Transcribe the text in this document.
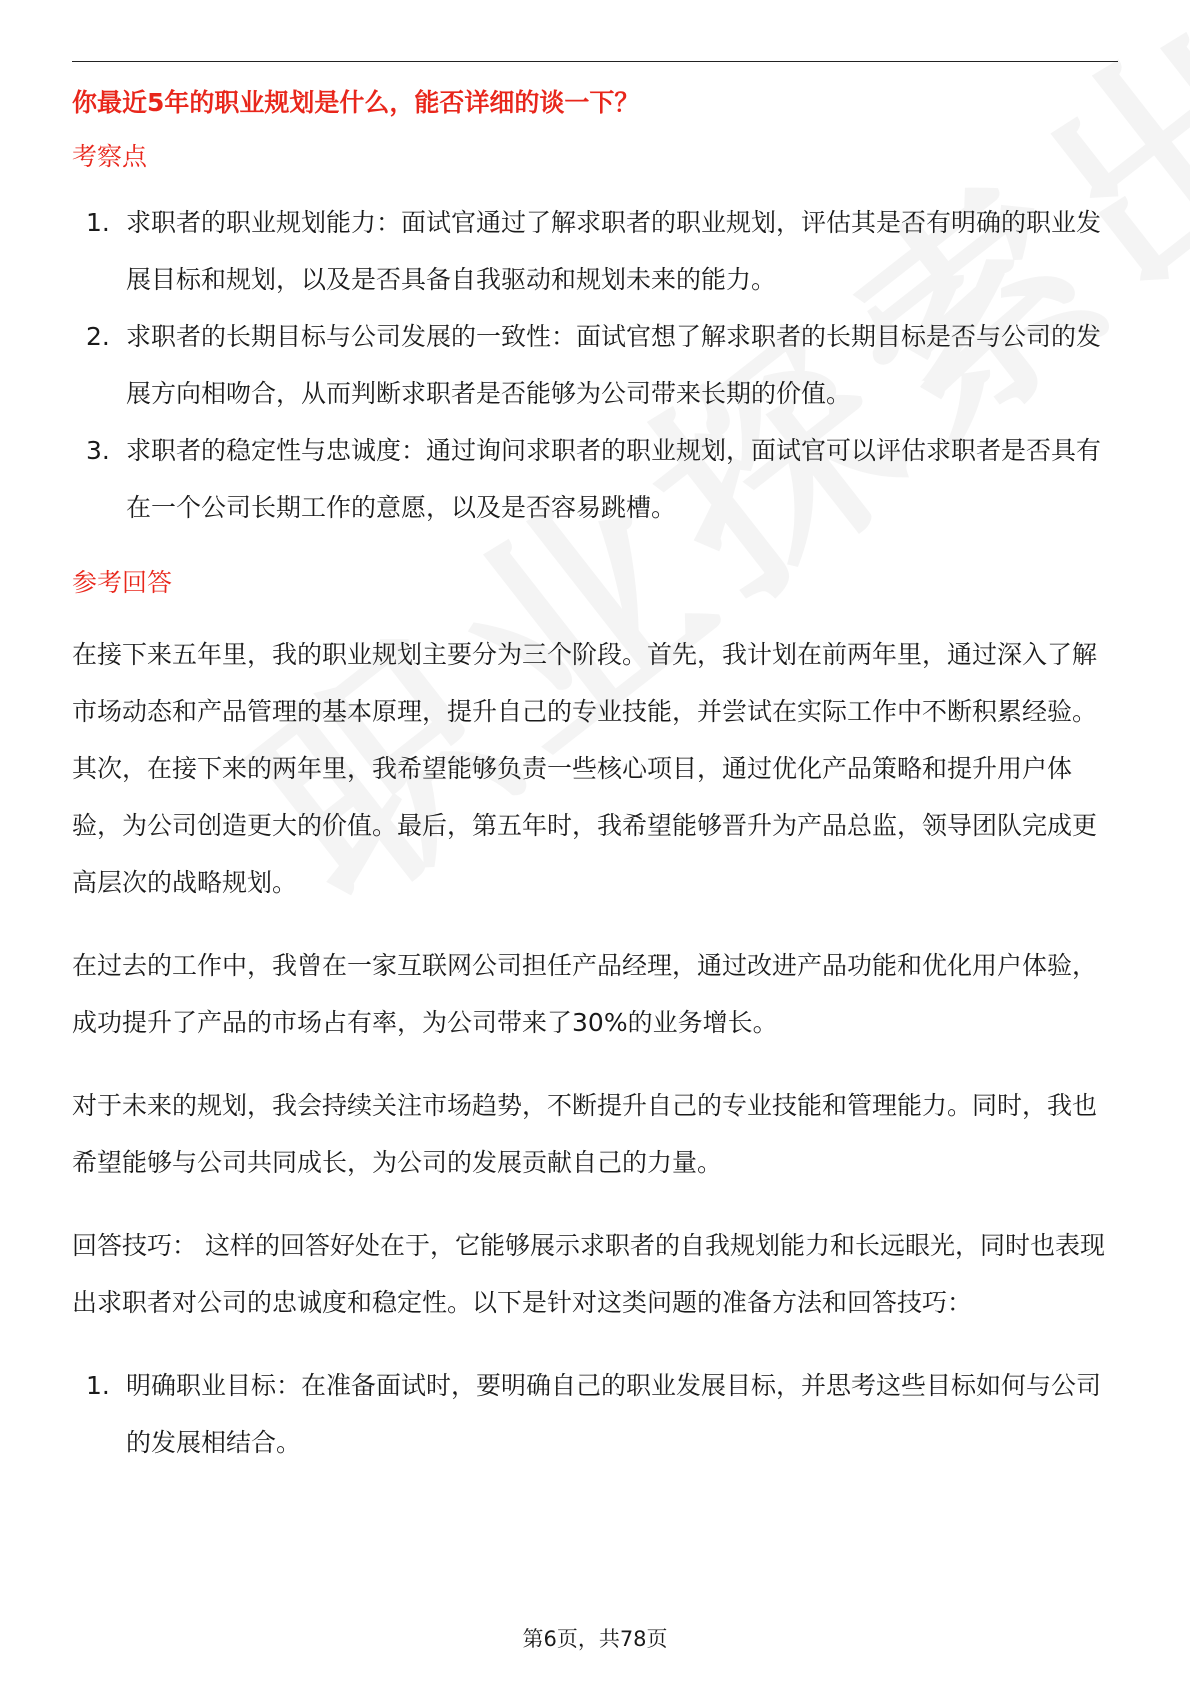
你最近5年的职业规划是什么，能否详细的谈一下？

考察点

1. 求职者的职业规划能力：面试官通过了解求职者的职业规划，评估其是否有明确的职业发展目标和规划，以及是否具备自我驱动和规划未来的能力。
2. 求职者的长期目标与公司发展的一致性：面试官想了解求职者的长期目标是否与公司的发展方向相吻合，从而判断求职者是否能够为公司带来长期的价值。
3. 求职者的稳定性与忠诚度：通过询问求职者的职业规划，面试官可以评估求职者是否具有在一个公司长期工作的意愿，以及是否容易跳槽。

参考回答

在接下来五年里，我的职业规划主要分为三个阶段。首先，我计划在前两年里，通过深入了解市场动态和产品管理的基本原理，提升自己的专业技能，并尝试在实际工作中不断积累经验。其次，在接下来的两年里，我希望能够负责一些核心项目，通过优化产品策略和提升用户体验，为公司创造更大的价值。最后，第五年时，我希望能够晋升为产品总监，领导团队完成更高层次的战略规划。

在过去的工作中，我曾在一家互联网公司担任产品经理，通过改进产品功能和优化用户体验，成功提升了产品的市场占有率，为公司带来了30%的业务增长。

对于未来的规划，我会持续关注市场趋势，不断提升自己的专业技能和管理能力。同时，我也希望能够与公司共同成长，为公司的发展贡献自己的力量。

回答技巧： 这样的回答好处在于，它能够展示求职者的自我规划能力和长远眼光，同时也表现出求职者对公司的忠诚度和稳定性。以下是针对这类问题的准备方法和回答技巧：

1. 明确职业目标：在准备面试时，要明确自己的职业发展目标，并思考这些目标如何与公司的发展相结合。
第6页，共78页
